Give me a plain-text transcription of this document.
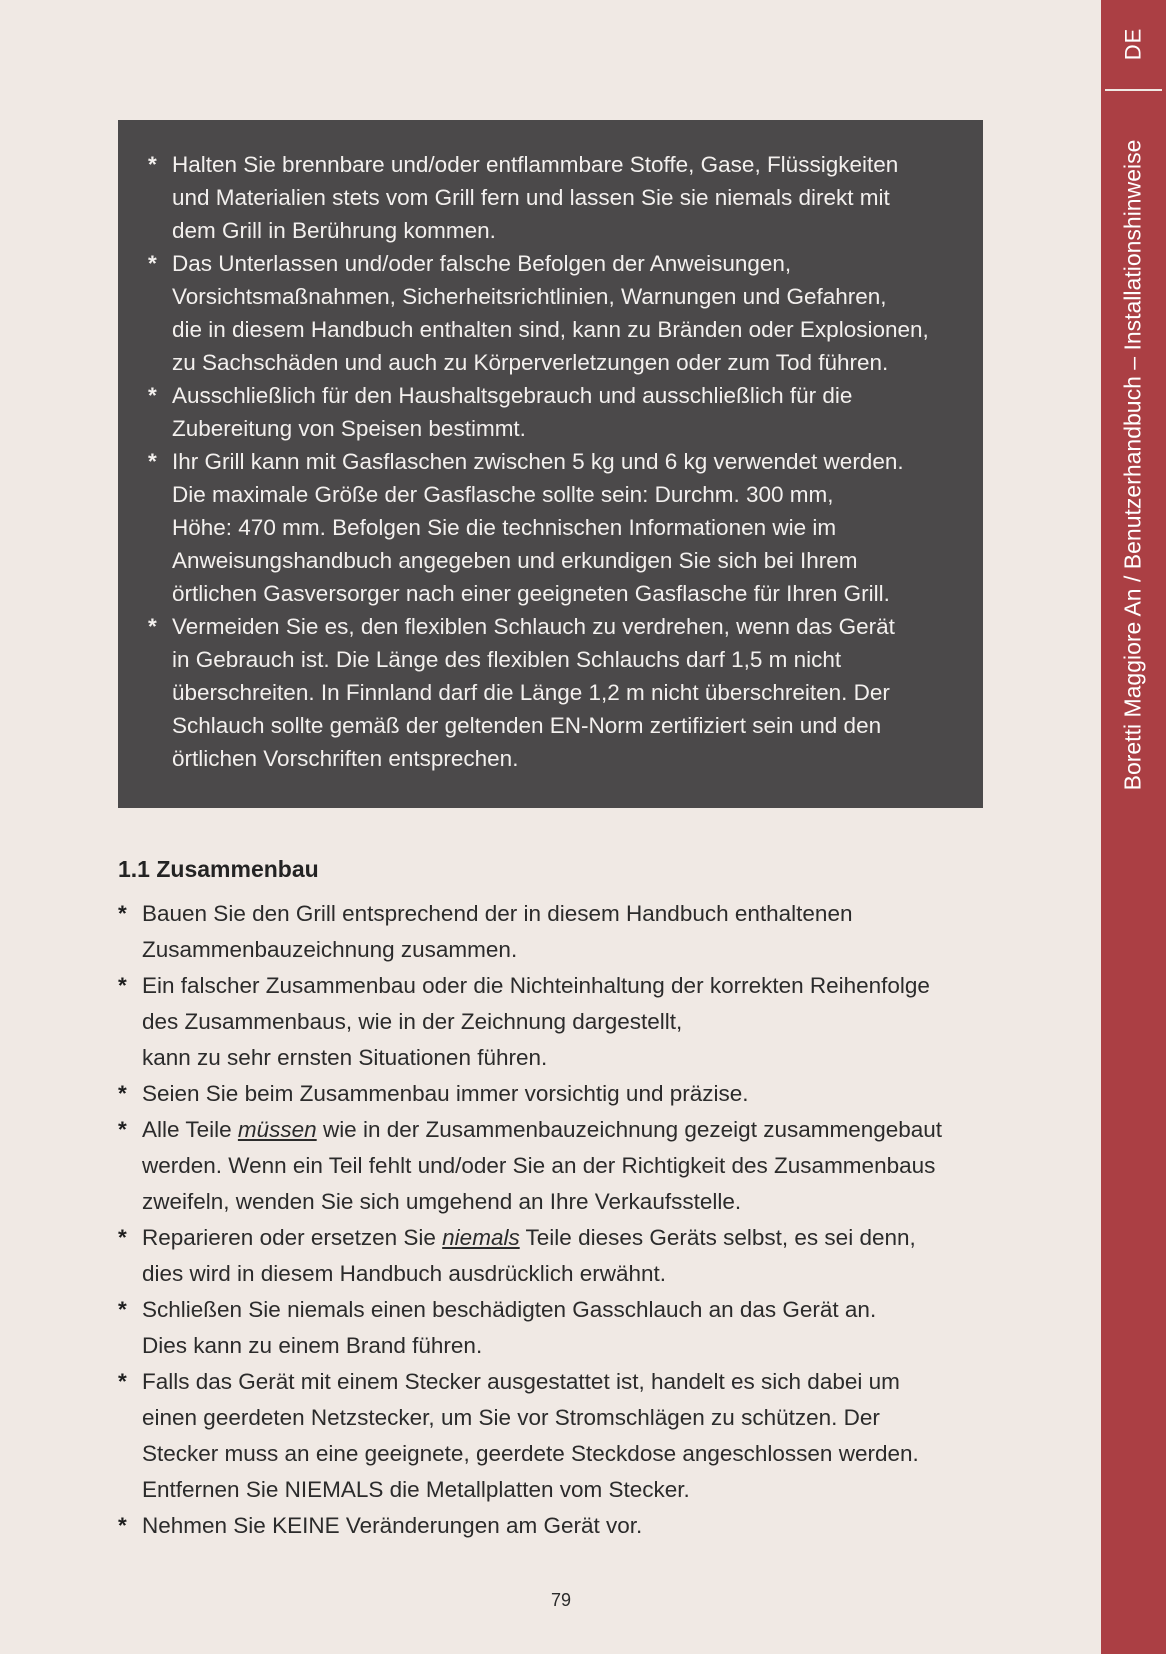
DE
Boretti Maggiore An / Benutzerhandbuch – Installationshinweise
* Halten Sie brennbare und/oder entflammbare Stoffe, Gase, Flüssigkeiten
und Materialien stets vom Grill fern und lassen Sie sie niemals direkt mit
dem Grill in Berührung kommen.
* Das Unterlassen und/oder falsche Befolgen der Anweisungen,
Vorsichtsmaßnahmen, Sicherheitsrichtlinien, Warnungen und Gefahren,
die in diesem Handbuch enthalten sind, kann zu Bränden oder Explosionen,
zu Sachschäden und auch zu Körperverletzungen oder zum Tod führen.
* Ausschließlich für den Haushaltsgebrauch und ausschließlich für die
Zubereitung von Speisen bestimmt.
* Ihr Grill kann mit Gasflaschen zwischen 5 kg und 6 kg verwendet werden.
Die maximale Größe der Gasflasche sollte sein: Durchm. 300 mm,
Höhe: 470 mm. Befolgen Sie die technischen Informationen wie im
Anweisungshandbuch angegeben und erkundigen Sie sich bei Ihrem
örtlichen Gasversorger nach einer geeigneten Gasflasche für Ihren Grill.
* Vermeiden Sie es, den flexiblen Schlauch zu verdrehen, wenn das Gerät
in Gebrauch ist. Die Länge des flexiblen Schlauchs darf 1,5 m nicht
überschreiten. In Finnland darf die Länge 1,2 m nicht überschreiten. Der
Schlauch sollte gemäß der geltenden EN-Norm zertifiziert sein und den
örtlichen Vorschriften entsprechen.
1.1 Zusammenbau
* Bauen Sie den Grill entsprechend der in diesem Handbuch enthaltenen
Zusammenbauzeichnung zusammen.
* Ein falscher Zusammenbau oder die Nichteinhaltung der korrekten Reihenfolge
des Zusammenbaus, wie in der Zeichnung dargestellt,
kann zu sehr ernsten Situationen führen.
* Seien Sie beim Zusammenbau immer vorsichtig und präzise.
* Alle Teile müssen wie in der Zusammenbauzeichnung gezeigt zusammengebaut
werden. Wenn ein Teil fehlt und/oder Sie an der Richtigkeit des Zusammenbaus
zweifeln, wenden Sie sich umgehend an Ihre Verkaufsstelle.
* Reparieren oder ersetzen Sie niemals Teile dieses Geräts selbst, es sei denn,
dies wird in diesem Handbuch ausdrücklich erwähnt.
* Schließen Sie niemals einen beschädigten Gasschlauch an das Gerät an.
Dies kann zu einem Brand führen.
* Falls das Gerät mit einem Stecker ausgestattet ist, handelt es sich dabei um
einen geerdeten Netzstecker, um Sie vor Stromschlägen zu schützen. Der
Stecker muss an eine geeignete, geerdete Steckdose angeschlossen werden.
Entfernen Sie NIEMALS die Metallplatten vom Stecker.
* Nehmen Sie KEINE Veränderungen am Gerät vor.
79
